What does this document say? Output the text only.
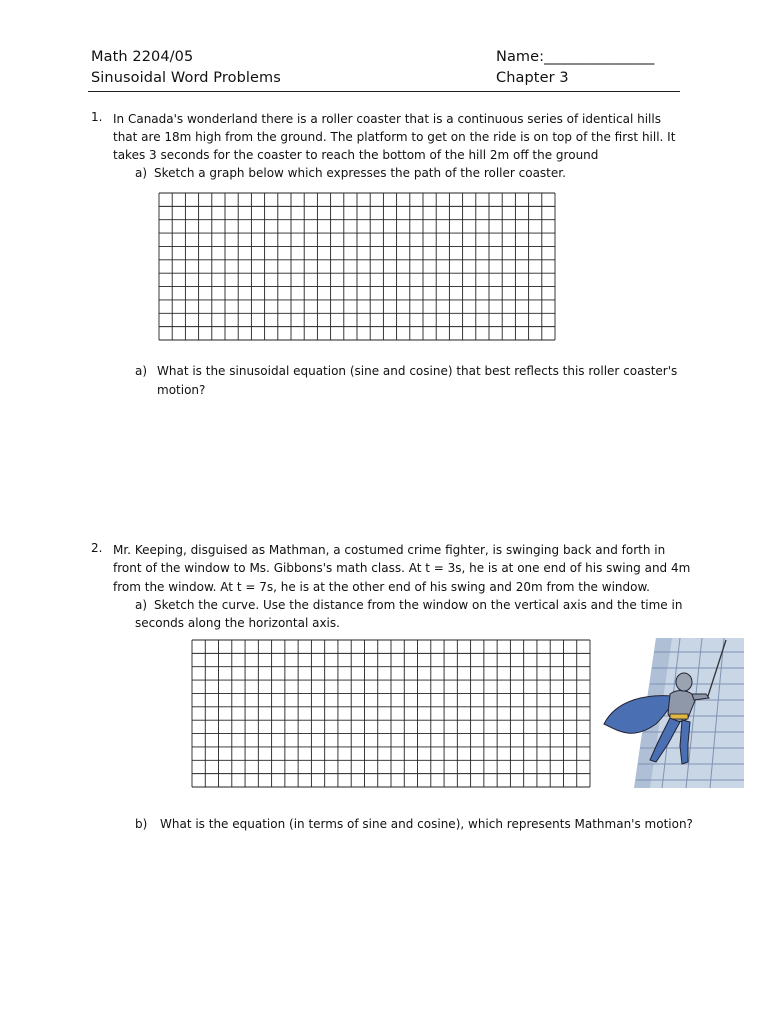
Math 2204/05	Name:_______________
Sinusoidal Word Problems	Chapter 3
1. In Canada's wonderland there is a roller coaster that is a continuous series of identical hills
that are 18m high from the ground. The platform to get on the ride is on top of the first hill. It
takes 3 seconds for the coaster to reach the bottom of the hill 2m off the ground
a) Sketch a graph below which expresses the path of the roller coaster.
a) What is the sinusoidal equation (sine and cosine) that best reflects this roller coaster's
motion?
2. Mr. Keeping, disguised as Mathman, a costumed crime fighter, is swinging back and forth in
front of the window to Ms. Gibbons's math class. At t = 3s, he is at one end of his swing and 4m
from the window. At t = 7s, he is at the other end of his swing and 20m from the window.
a) Sketch the curve. Use the distance from the window on the vertical axis and the time in
seconds along the horizontal axis.
b) What is the equation (in terms of sine and cosine), which represents Mathman's motion?
